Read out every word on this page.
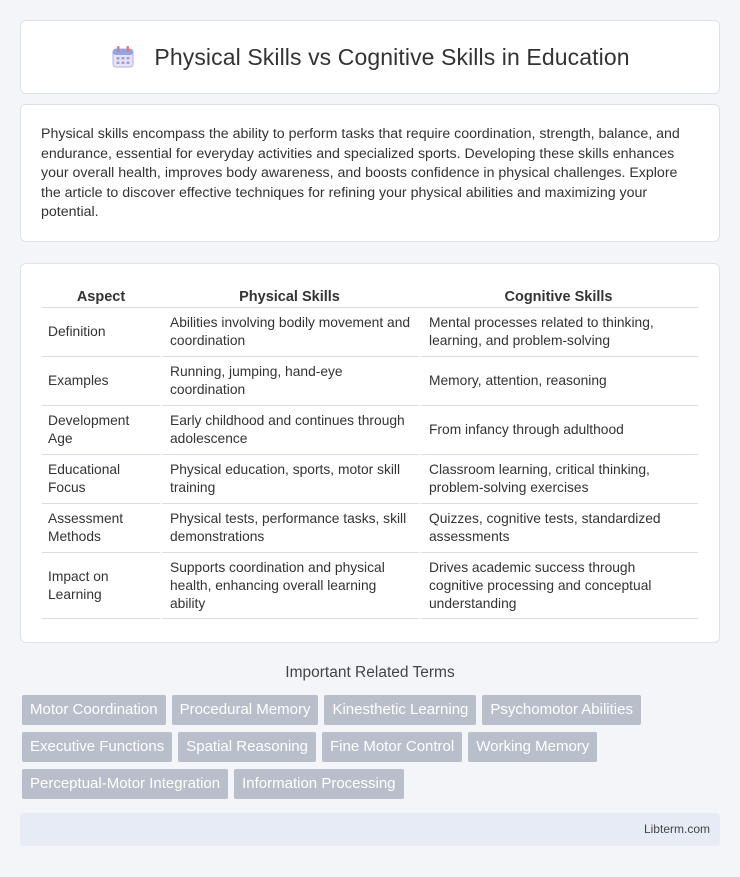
Physical Skills vs Cognitive Skills in Education

Physical skills encompass the ability to perform tasks that require coordination, strength, balance, and endurance, essential for everyday activities and specialized sports. Developing these skills enhances your overall health, improves body awareness, and boosts confidence in physical challenges. Explore the article to discover effective techniques for refining your physical abilities and maximizing your potential.

Aspect	Physical Skills	Cognitive Skills
Definition	Abilities involving bodily movement and coordination	Mental processes related to thinking, learning, and problem-solving
Examples	Running, jumping, hand-eye coordination	Memory, attention, reasoning
Development Age	Early childhood and continues through adolescence	From infancy through adulthood
Educational Focus	Physical education, sports, motor skill training	Classroom learning, critical thinking, problem-solving exercises
Assessment Methods	Physical tests, performance tasks, skill demonstrations	Quizzes, cognitive tests, standardized assessments
Impact on Learning	Supports coordination and physical health, enhancing overall learning ability	Drives academic success through cognitive processing and conceptual understanding
Important Related Terms
Motor Coordination	Procedural Memory	Kinesthetic Learning	Psychomotor Abilities
Executive Functions	Spatial Reasoning	Fine Motor Control	Working Memory
Perceptual-Motor Integration	Information Processing
Libterm.com
